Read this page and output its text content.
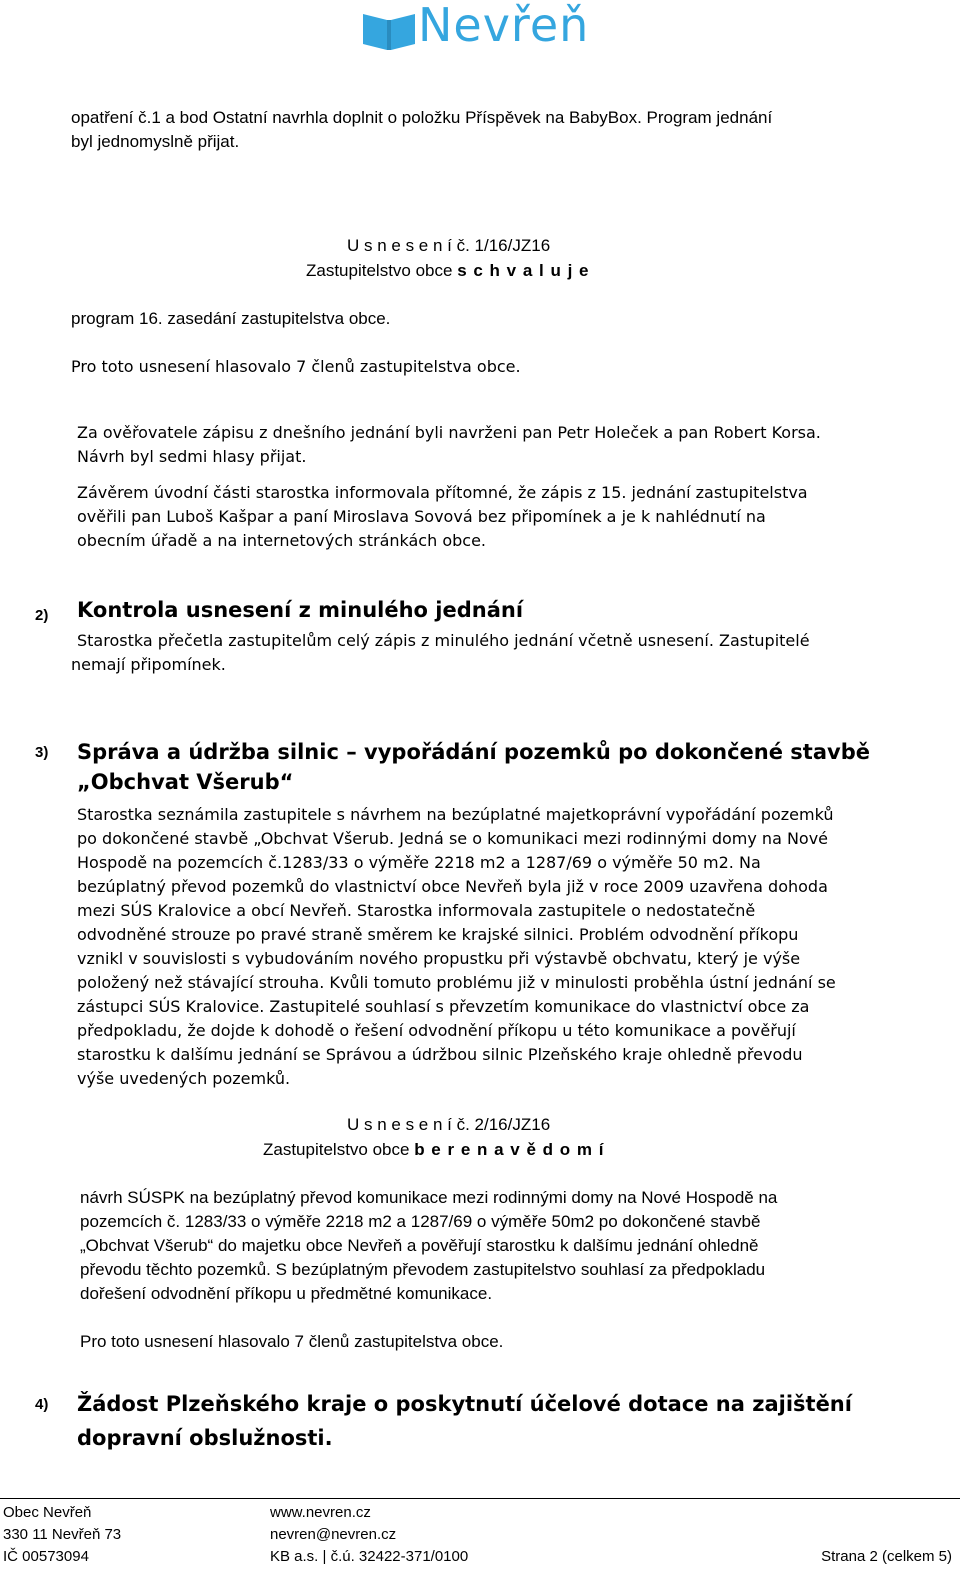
Nevřeň
opatření č.1 a bod Ostatní navrhla doplnit o položku Příspěvek na BabyBox. Program jednání
byl jednomyslně přijat.
U s n e s e n í č. 1/16/JZ16
Zastupitelstvo obce s c h v a l u j e
program 16. zasedání zastupitelstva obce.
Pro toto usnesení hlasovalo 7 členů zastupitelstva obce.
Za ověřovatele zápisu z dnešního jednání byli navrženi pan Petr Holeček a pan Robert Korsa.
Návrh byl sedmi hlasy přijat.
Závěrem úvodní části starostka informovala přítomné, že zápis z 15. jednání zastupitelstva
ověřili pan Luboš Kašpar a paní Miroslava Sovová bez připomínek a je k nahlédnutí na
obecním úřadě a na internetových stránkách obce.
2) Kontrola usnesení z minulého jednání
Starostka přečetla zastupitelům celý zápis z minulého jednání včetně usnesení. Zastupitelé
nemají připomínek.
3) Správa a údržba silnic – vypořádání pozemků po dokončené stavbě
„Obchvat Všerub“
Starostka seznámila zastupitele s návrhem na bezúplatné majetkoprávní vypořádání pozemků
po dokončené stavbě „Obchvat Všerub. Jedná se o komunikaci mezi rodinnými domy na Nové
Hospodě na pozemcích č.1283/33 o výměře 2218 m2 a 1287/69 o výměře 50 m2. Na
bezúplatný převod pozemků do vlastnictví obce Nevřeň byla již v roce 2009 uzavřena dohoda
mezi SÚS Kralovice a obcí Nevřeň. Starostka informovala zastupitele o nedostatečně
odvodněné strouze po pravé straně směrem ke krajské silnici. Problém odvodnění příkopu
vznikl v souvislosti s vybudováním nového propustku při výstavbě obchvatu, který je výše
položený než stávající strouha. Kvůli tomuto problému již v minulosti proběhla ústní jednání se
zástupci SÚS Kralovice. Zastupitelé souhlasí s převzetím komunikace do vlastnictví obce za
předpokladu, že dojde k dohodě o řešení odvodnění příkopu u této komunikace a pověřují
starostku k dalšímu jednání se Správou a údržbou silnic Plzeňského kraje ohledně převodu
výše uvedených pozemků.
U s n e s e n í č. 2/16/JZ16
Zastupitelstvo obce b e r e n a v ě d o m í
návrh SÚSPK na bezúplatný převod komunikace mezi rodinnými domy na Nové Hospodě na
pozemcích č. 1283/33 o výměře 2218 m2 a 1287/69 o výměře 50m2 po dokončené stavbě
„Obchvat Všerub“ do majetku obce Nevřeň a pověřují starostku k dalšímu jednání ohledně
převodu těchto pozemků. S bezúplatným převodem zastupitelstvo souhlasí za předpokladu
dořešení odvodnění příkopu u předmětné komunikace.
Pro toto usnesení hlasovalo 7 členů zastupitelstva obce.
4) Žádost Plzeňského kraje o poskytnutí účelové dotace na zajištění
dopravní obslužnosti.
Obec Nevřeň
330 11 Nevřeň 73
IČ 00573094
www.nevren.cz
nevren@nevren.cz
KB a.s. | č.ú. 32422-371/0100	Strana 2 (celkem 5)
